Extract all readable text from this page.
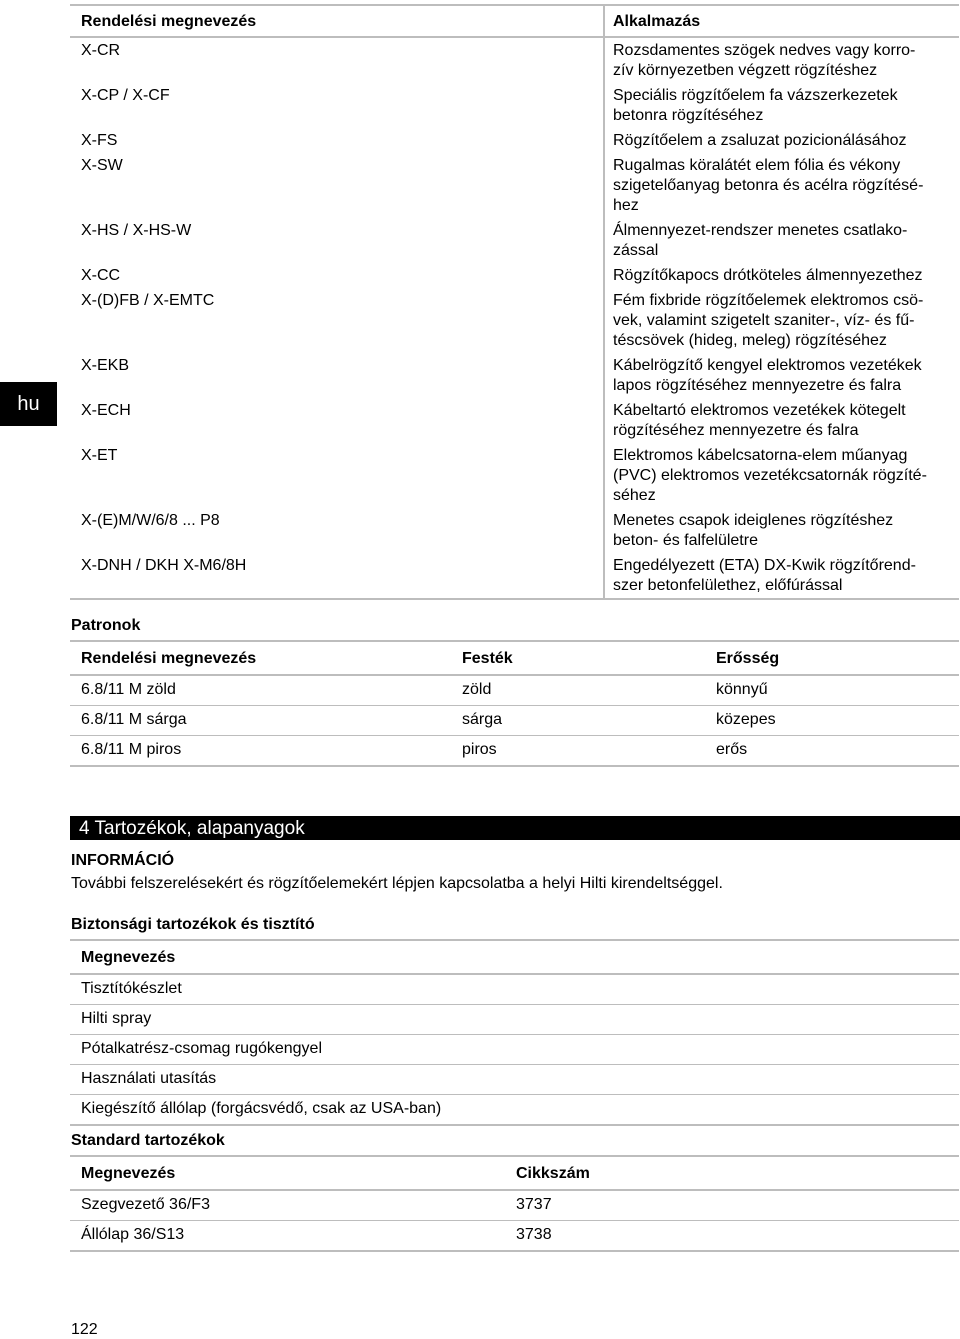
hu
Rendelési megnevezés	Alkalmazás
X-CR	Rozsdamentes szögek nedves vagy korro-
zív környezetben végzett rögzítéshez
X-CP / X-CF	Speciális rögzítőelem fa vázszerkezetek
betonra rögzítéséhez
X-FS	Rögzítőelem a zsaluzat pozicionálásához
X-SW	Rugalmas köralátét elem fólia és vékony
szigetelőanyag betonra és acélra rögzítésé-
hez
X-HS / X-HS-W	Álmennyezet-rendszer menetes csatlako-
zással
X-CC	Rögzítőkapocs drótköteles álmennyezethez
X-(D)FB / X-EMTC	Fém fixbride rögzítőelemek elektromos csö-
vek, valamint szigetelt szaniter-, víz- és fű-
téscsövek (hideg, meleg) rögzítéséhez
X-EKB	Kábelrögzítő kengyel elektromos vezetékek
lapos rögzítéséhez mennyezetre és falra
X-ECH	Kábeltartó elektromos vezetékek kötegelt
rögzítéséhez mennyezetre és falra
X-ET	Elektromos kábelcsatorna-elem műanyag
(PVC) elektromos vezetékcsatornák rögzíté-
séhez
X-(E)M/W/6/8 ... P8	Menetes csapok ideiglenes rögzítéshez
beton- és falfelületre
X-DNH / DKH X-M6/8H	Engedélyezett (ETA) DX-Kwik rögzítőrend-
szer betonfelülethez, előfúrással
Patronok
Rendelési megnevezés	Festék	Erősség
6.8/11 M zöld	zöld	könnyű
6.8/11 M sárga	sárga	közepes
6.8/11 M piros	piros	erős
4 Tartozékok, alapanyagok
INFORMÁCIÓ
További felszerelésekért és rögzítőelemekért lépjen kapcsolatba a helyi Hilti kirendeltséggel.
Biztonsági tartozékok és tisztító
Megnevezés
Tisztítókészlet
Hilti spray
Pótalkatrész-csomag rugókengyel
Használati utasítás
Kiegészítő állólap (forgácsvédő, csak az USA-ban)
Standard tartozékok
Megnevezés	Cikkszám
Szegvezető 36/F3	3737
Állólap 36/S13	3738
122
